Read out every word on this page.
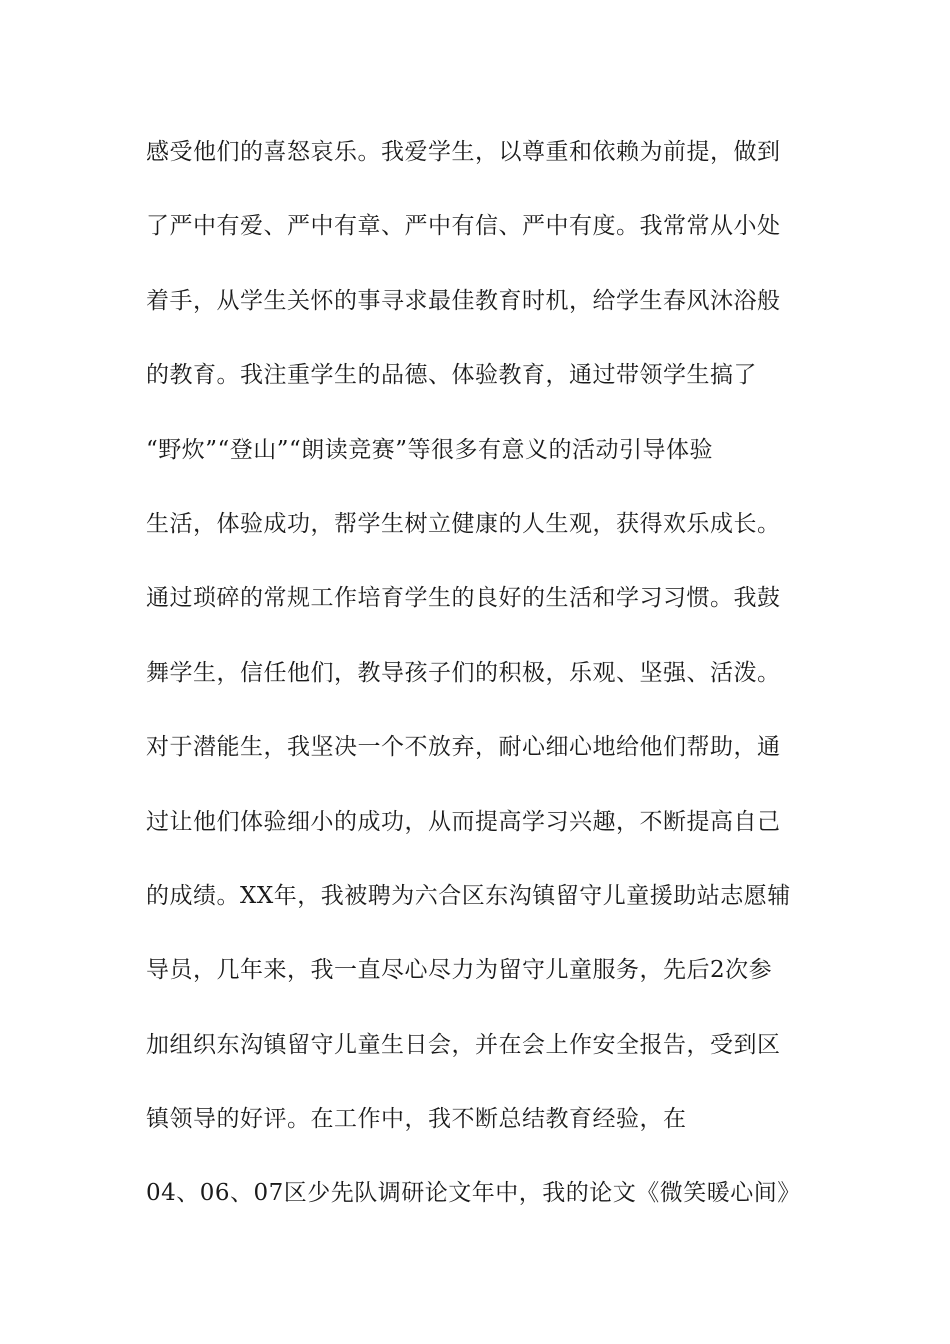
感受他们的喜怒哀乐。我爱学生，以尊重和依赖为前提，做到
了严中有爱、严中有章、严中有信、严中有度。我常常从小处
着手，从学生关怀的事寻求最佳教育时机，给学生春风沐浴般
的教育。我注重学生的品德、体验教育，通过带领学生搞了
“野炊”“登山”“朗读竞赛”等很多有意义的活动引导体验
生活，体验成功，帮学生树立健康的人生观，获得欢乐成长。
通过琐碎的常规工作培育学生的良好的生活和学习习惯。我鼓
舞学生，信任他们，教导孩子们的积极，乐观、坚强、活泼。
对于潜能生，我坚决一个不放弃，耐心细心地给他们帮助，通
过让他们体验细小的成功，从而提高学习兴趣，不断提高自己
的成绩。XX年，我被聘为六合区东沟镇留守儿童援助站志愿辅
导员，几年来，我一直尽心尽力为留守儿童服务，先后2次参
加组织东沟镇留守儿童生日会，并在会上作安全报告，受到区
镇领导的好评。在工作中，我不断总结教育经验，在
04、06、07区少先队调研论文年中，我的论文《微笑暖心间》
